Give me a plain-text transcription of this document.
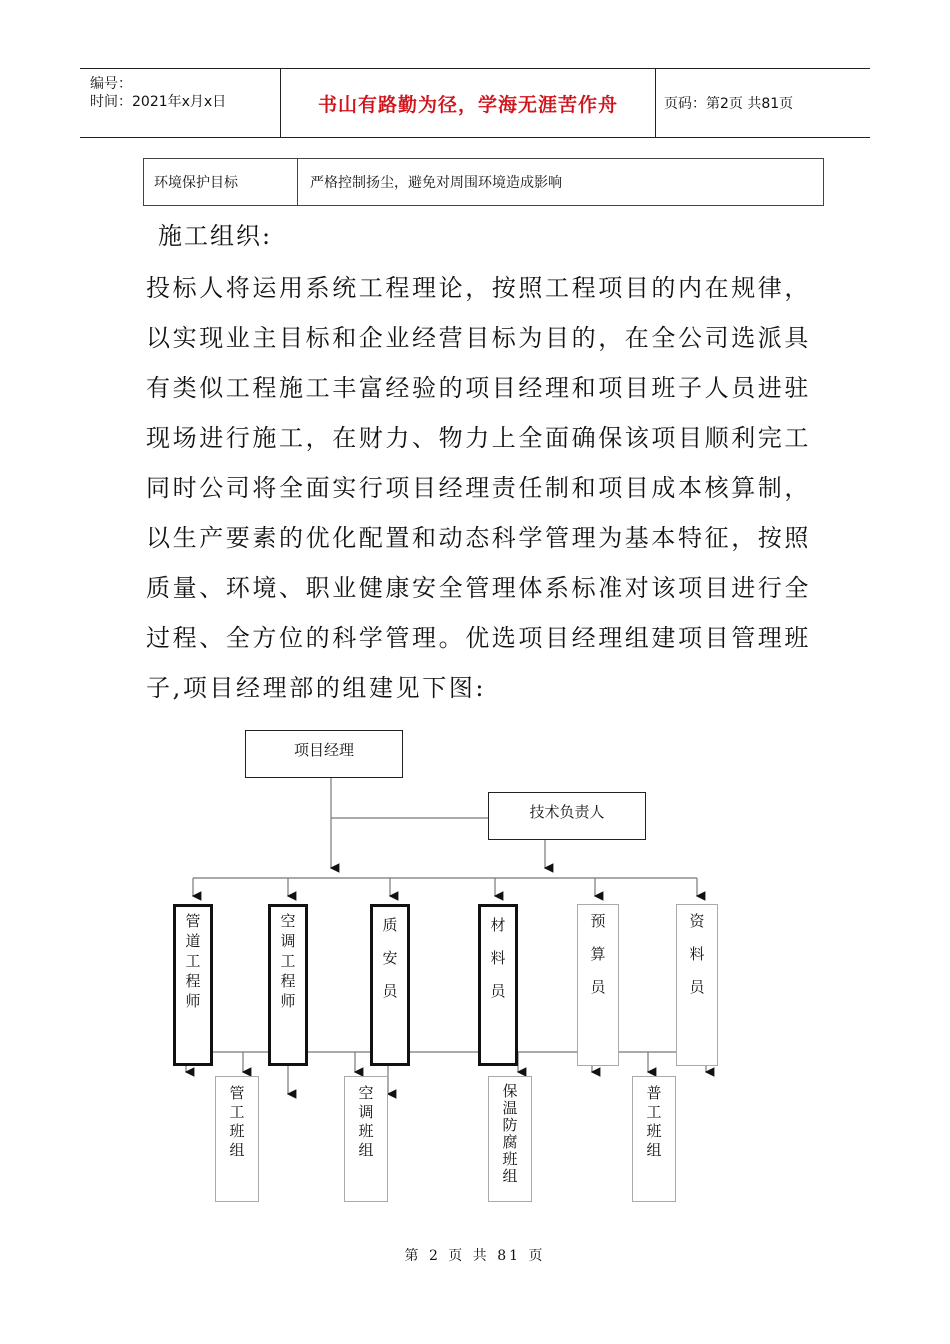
编号：
时间：2021年x月x日	书山有路勤为径，学海无涯苦作舟	页码：第2页 共81页
环境保护目标	严格控制扬尘，避免对周围环境造成影响
施工组织:
投标人将运用系统工程理论，按照工程项目的内在规律，
以实现业主目标和企业经营目标为目的，在全公司选派具
有类似工程施工丰富经验的项目经理和项目班子人员进驻
现场进行施工，在财力、物力上全面确保该项目顺利完工
同时公司将全面实行项目经理责任制和项目成本核算制，
以生产要素的优化配置和动态科学管理为基本特征，按照
质量、环境、职业健康安全管理体系标准对该项目进行全
过程、全方位的科学管理。优选项目经理组建项目管理班
子,项目经理部的组建见下图:
项目经理
技术负责人
管道工程师	空调工程师	质安员	材料员	预算员	资料员
管工班组	空调班组	保温防腐班组	普工班组
第 2 页 共 81 页
